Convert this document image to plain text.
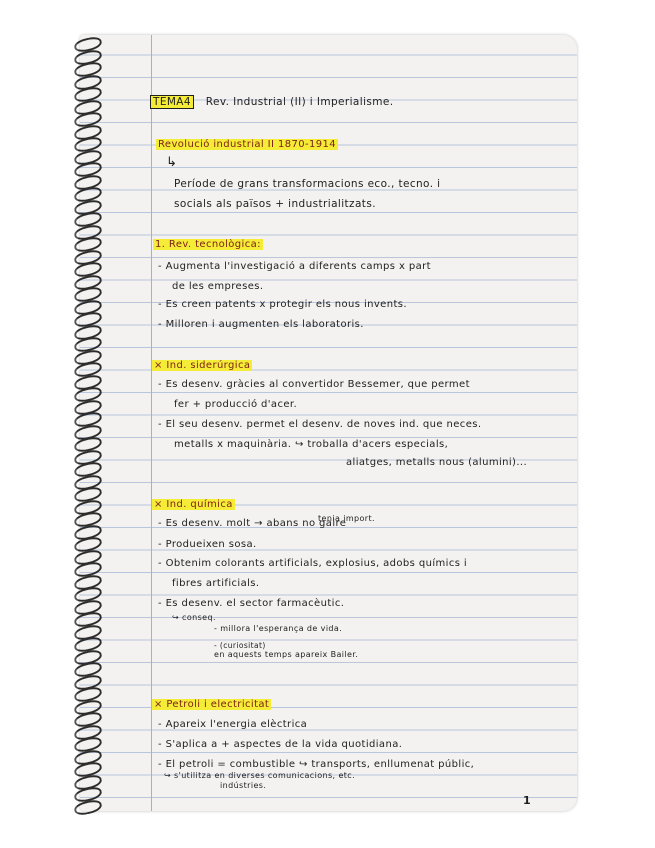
TEMA4 Rev. Industrial (II) i Imperialisme.
Revolució industrial II 1870-1914
↳
Període de grans transformacions eco., tecno. i
socials als països + industrialitzats.
1. Rev. tecnològica:
- Augmenta l'investigació a diferents camps x part
de les empreses.
- Es creen patents x protegir els nous invents.
- Milloren i augmenten els laboratoris.
× Ind. siderúrgica
- Es desenv. gràcies al convertidor Bessemer, que permet
fer + producció d'acer.
- El seu desenv. permet el desenv. de noves ind. que neces.
metalls x maquinària. ↪ troballa d'acers especials,
aliatges, metalls nous (alumini)...
× Ind. química
- Es desenv. molt → abans no gaire
tenia import.
- Produeixen sosa.
- Obtenim colorants artificials, explosius, adobs químics i
fibres artificials.
- Es desenv. el sector farmacèutic.
↪ conseq.
- millora l'esperança de vida.
- (curiositat)
en aquests temps apareix Bailer.
× Petroli i electricitat
- Apareix l'energia elèctrica
- S'aplica a + aspectes de la vida quotidiana.
- El petroli = combustible ↪ transports, enllumenat públic,
↪ s'utilitza en diverses comunicacions, etc.
indústries.
1
